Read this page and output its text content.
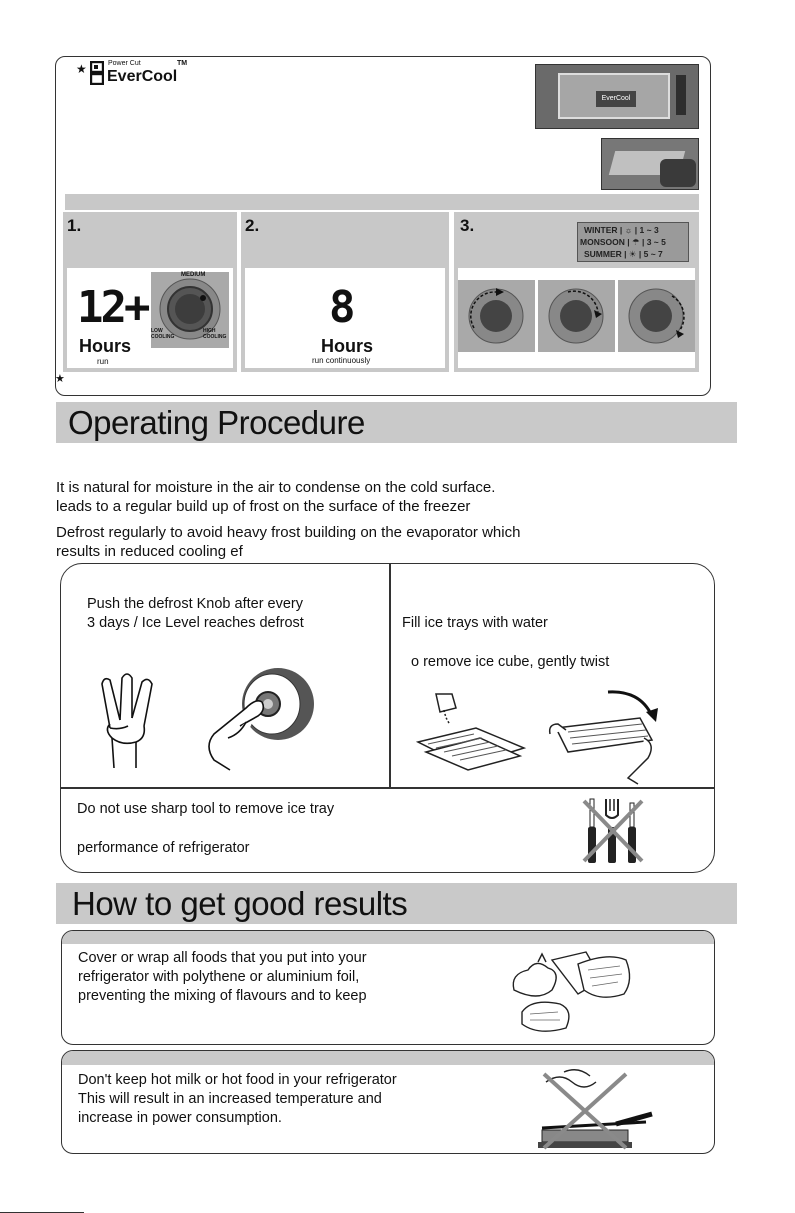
★	Power Cut	TM
EverCool
EverCool
1.
12+
Hours
run
MEDIUM
LOW COOLING
HIGH COOLING
2.
8
Hours
run continuously
3.	WINTER | ☼ | 1 ~ 3
MONSOON | ☂ | 3 ~ 5
SUMMER | ☀ | 5 ~ 7
★
Operating Procedure
It is natural for moisture in the air to condense on the cold surface.
leads to a regular build up of frost on the surface of the freezer
Defrost regularly to avoid heavy frost building on the evaporator which
results in reduced cooling ef
Push the defrost Knob after every
3 days / Ice Level reaches defrost	Fill ice trays with water
o remove ice cube, gently twist
Do not use sharp tool to remove ice tray
performance of refrigerator
How to get good results
Cover or wrap all foods that you put into your
refrigerator with polythene or aluminium foil,
preventing the mixing of flavours and to keep
Don't keep hot milk or hot food in your refrigerator
This will result in an increased temperature and
increase in power consumption.
